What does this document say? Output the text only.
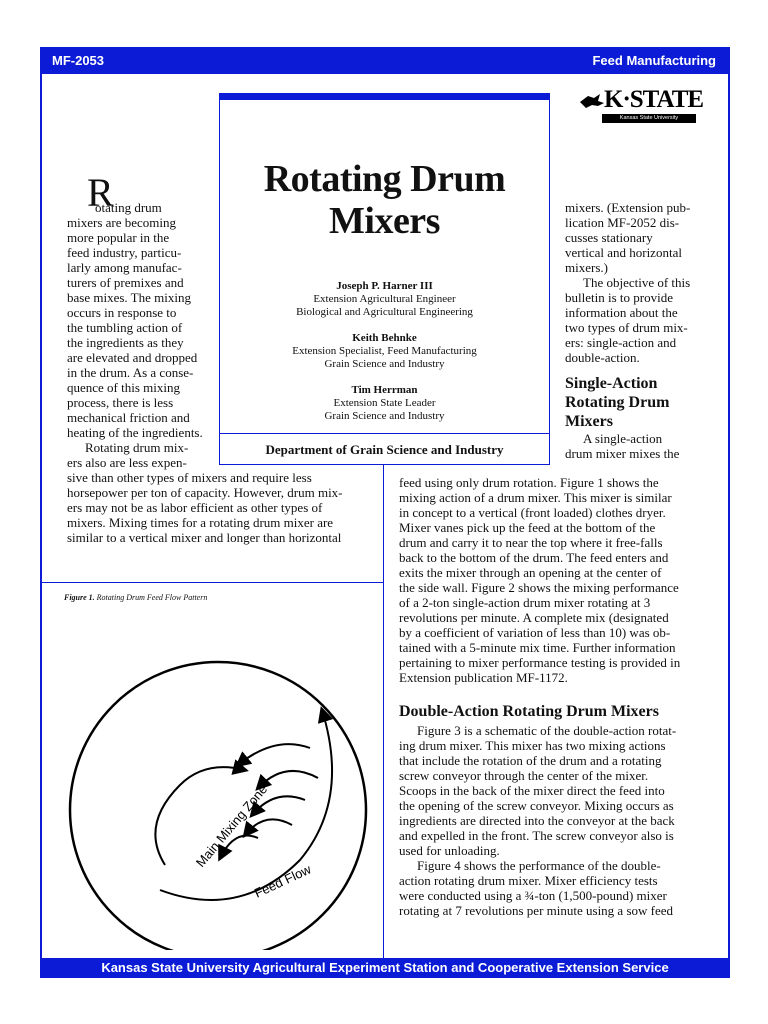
MF-2053	Feed Manufacturing
K·STATE
Kansas State University
Rotating Drum
Mixers
Joseph P. Harner III
Extension Agricultural Engineer
Biological and Agricultural Engineering
Keith Behnke
Extension Specialist, Feed Manufacturing
Grain Science and Industry
Tim Herrman
Extension State Leader
Grain Science and Industry
Department of Grain Science and Industry
R
otating drum
mixers are becoming
more popular in the
feed industry, particu-
larly among manufac-
turers of premixes and
base mixes. The mixing
occurs in response to
the tumbling action of
the ingredients as they
are elevated and dropped
in the drum. As a conse-
quence of this mixing
process, there is less
mechanical friction and
heating of the ingredients.
Rotating drum mix-
ers also are less expen-
sive than other types of mixers and require less
horsepower per ton of capacity. However, drum mix-
ers may not be as labor efficient as other types of
mixers. Mixing times for a rotating drum mixer are
similar to a vertical mixer and longer than horizontal
mixers. (Extension pub-
lication MF-2052 dis-
cusses stationary
vertical and horizontal
mixers.)
The objective of this
bulletin is to provide
information about the
two types of drum mix-
ers: single-action and
double-action.
Single-Action
Rotating Drum
Mixers
A single-action
drum mixer mixes the
feed using only drum rotation. Figure 1 shows the
mixing action of a drum mixer. This mixer is similar
in concept to a vertical (front loaded) clothes dryer.
Mixer vanes pick up the feed at the bottom of the
drum and carry it to near the top where it free-falls
back to the bottom of the drum. The feed enters and
exits the mixer through an opening at the center of
the side wall. Figure 2 shows the mixing performance
of a 2-ton single-action drum mixer rotating at 3
revolutions per minute. A complete mix (designated
by a coefficient of variation of less than 10) was ob-
tained with a 5-minute mix time. Further information
pertaining to mixer performance testing is provided in
Extension publication MF-1172.
Double-Action Rotating Drum Mixers
Figure 3 is a schematic of the double-action rotat-
ing drum mixer. This mixer has two mixing actions
that include the rotation of the drum and a rotating
screw conveyor through the center of the mixer.
Scoops in the back of the mixer direct the feed into
the opening of the screw conveyor. Mixing occurs as
ingredients are directed into the conveyor at the back
and expelled in the front. The screw conveyor also is
used for unloading.
Figure 4 shows the performance of the double-
action rotating drum mixer. Mixer efficiency tests
were conducted using a ¾-ton (1,500-pound) mixer
rotating at 7 revolutions per minute using a sow feed
Figure 1. Rotating Drum Feed Flow Pattern
Main Mixing Zone
Feed Flow
Kansas State University Agricultural Experiment Station and Cooperative Extension Service
